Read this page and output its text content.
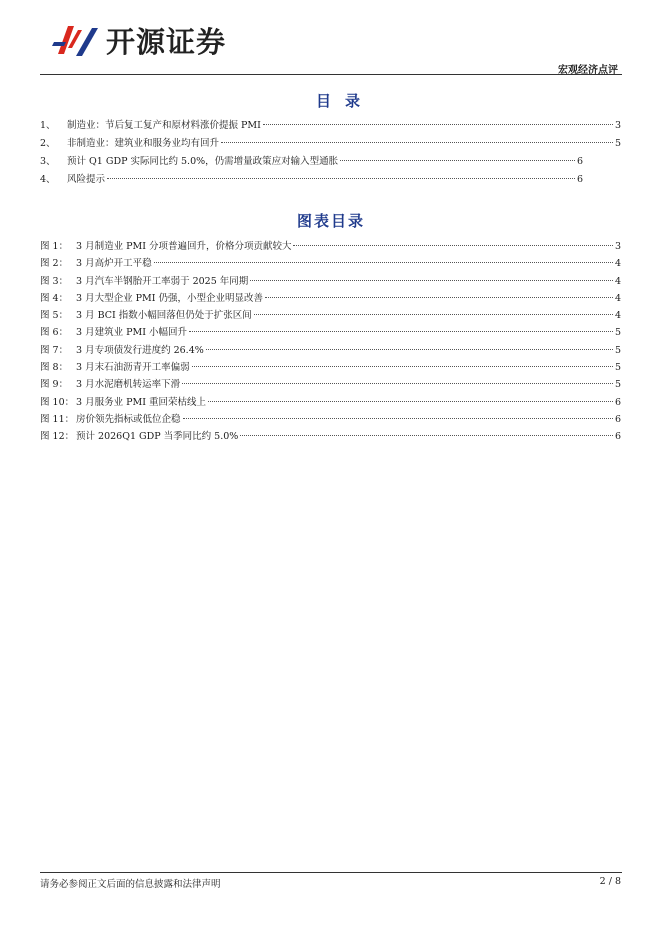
开源证券
宏观经济点评
目录
1、	制造业：节后复工复产和原材料涨价提振 PMI	3
2、	非制造业：建筑业和服务业均有回升	5
3、	预计 Q1 GDP 实际同比约 5.0%，仍需增量政策应对输入型通胀	6
4、	风险提示	6
图表目录
图 1： 3 月制造业 PMI 分项普遍回升，价格分项贡献较大	3
图 2： 3 月高炉开工平稳	4
图 3： 3 月汽车半钢胎开工率弱于 2025 年同期	4
图 4： 3 月大型企业 PMI 仍强，小型企业明显改善	4
图 5： 3 月 BCI 指数小幅回落但仍处于扩张区间	4
图 6： 3 月建筑业 PMI 小幅回升	5
图 7： 3 月专项债发行进度约 26.4%	5
图 8： 3 月末石油沥青开工率偏弱	5
图 9： 3 月水泥磨机转运率下滑	5
图 10： 3 月服务业 PMI 重回荣枯线上	6
图 11： 房价领先指标或低位企稳	6
图 12： 预计 2026Q1 GDP 当季同比约 5.0%	6
请务必参阅正文后面的信息披露和法律声明	2 / 8
